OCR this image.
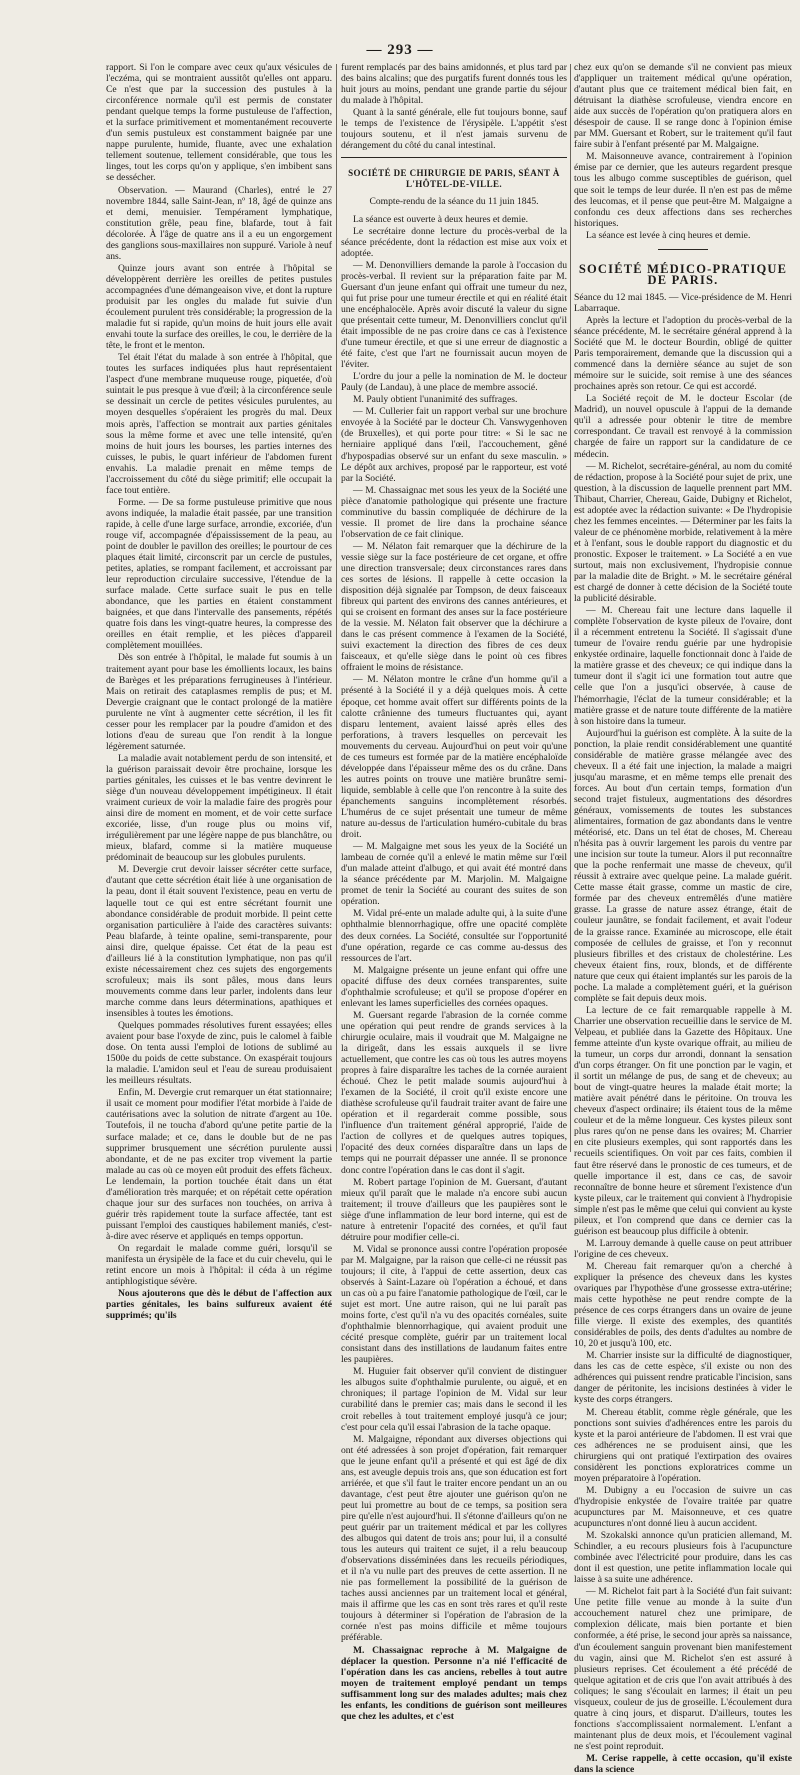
— 293 —

rapport. Si l'on le compare avec ceux qu'aux vésicules de l'eczéma, qui se montraient aussitôt qu'elles ont apparu. Ce n'est que par la succession des pustules à la circonférence normale qu'il est permis de constater pendant quelque temps la forme pustuleuse de l'affection, et la surface primitivement et momentanément recouverte d'un semis pustuleux est constamment baignée par une nappe purulente, humide, fluante, avec une exhalation tellement soutenue, tellement considérable, que tous les linges, tout les corps qu'on y applique, s'en imbibent sans se dessécher.

Observation. — Maurand (Charles), entré le 27 novembre 1844, salle Saint-Jean, nº 18, âgé de quinze ans et demi, menuisier. Tempérament lymphatique, constitution grêle, peau fine, blafarde, tout à fait décolorée. À l'âge de quatre ans il a eu un engorgement des ganglions sous-maxillaires non suppuré. Variole à neuf ans.

Quinze jours avant son entrée à l'hôpital se développèrent derrière les oreilles de petites pustules accompagnées d'une démangeaison vive, et dont la rupture produisit par les ongles du malade fut suivie d'un écoulement purulent très considérable; la progression de la maladie fut si rapide, qu'un moins de huit jours elle avait envahi toute la surface des oreilles, le cou, le derrière de la tête, le front et le menton.

Tel était l'état du malade à son entrée à l'hôpital, que toutes les surfaces indiquées plus haut représentaient l'aspect d'une membrane muqueuse rouge, piquetée, d'où suintait le pus presque à vue d'œil; à la circonférence seule se dessinait un cercle de petites vésicules purulentes, au moyen desquelles s'opéraient les progrès du mal. Deux mois après, l'affection se montrait aux parties génitales sous la même forme et avec une telle intensité, qu'en moins de huit jours les bourses, les parties internes des cuisses, le pubis, le quart inférieur de l'abdomen furent envahis. La maladie prenait en même temps de l'accroissement du côté du siège primitif; elle occupait la face tout entière.

Forme. — De sa forme pustuleuse primitive que nous avons indiquée, la maladie était passée, par une transition rapide, à celle d'une large surface, arrondie, excoriée, d'un rouge vif, accompagnée d'épaississement de la peau, au point de doubler le pavillon des oreilles; le pourtour de ces plaques était limité, circonscrit par un cercle de pustules, petites, aplaties, se rompant facilement, et accroissant par leur reproduction circulaire successive, l'étendue de la surface malade. Cette surface suait le pus en telle abondance, que les parties en étaient constamment baignées, et que dans l'intervalle des pansements, répétés quatre fois dans les vingt-quatre heures, la compresse des oreilles en était remplie, et les pièces d'appareil complètement mouillées.

Dès son entrée à l'hôpital, le malade fut soumis à un traitement ayant pour base les émollients locaux, les bains de Barèges et les préparations ferrugineuses à l'intérieur. Mais on retirait des cataplasmes remplis de pus; et M. Devergie craignant que le contact prolongé de la matière purulente ne vînt à augmenter cette sécrétion, il les fit cesser pour les remplacer par la poudre d'amidon et des lotions d'eau de sureau que l'on rendit à la longue légèrement saturnée.

La maladie avait notablement perdu de son intensité, et la guérison paraissait devoir être prochaine, lorsque les parties génitales, les cuisses et le bas ventre devinrent le siège d'un nouveau développement impétigineux. Il était vraiment curieux de voir la maladie faire des progrès pour ainsi dire de moment en moment, et de voir cette surface excoriée, lisse, d'un rouge plus ou moins vif, irrégulièrement par une légère nappe de pus blanchâtre, ou mieux, blafard, comme si la matière muqueuse prédominait de beaucoup sur les globules purulents.

M. Devergie crut devoir laisser sécréter cette surface, d'autant que cette sécrétion était liée à une organisation de la peau, dont il était souvent l'existence, peau en vertu de laquelle tout ce qui est entre sécrétant fournit une abondance considérable de produit morbide. Il peint cette organisation particulière à l'aide des caractères suivants: Peau blafarde, à teinte opaline, semi-transparente, pour ainsi dire, quelque épaisse. Cet état de la peau est d'ailleurs lié à la constitution lymphatique, non pas qu'il existe nécessairement chez ces sujets des engorgements scrofuleux; mais ils sont pâles, mous dans leurs mouvements comme dans leur parler, indolents dans leur marche comme dans leurs déterminations, apathiques et insensibles à toutes les émotions.

Quelques pommades résolutives furent essayées; elles avaient pour base l'oxyde de zinc, puis le calomel à faible dose. On tenta aussi l'emploi de lotions de sublimé au 1500e du poids de cette substance. On exaspérait toujours la maladie. L'amidon seul et l'eau de sureau produisaient les meilleurs résultats.

Enfin, M. Devergie crut remarquer un état stationnaire; il usait ce moment pour modifier l'état morbide à l'aide de cautérisations avec la solution de nitrate d'argent au 10e. Toutefois, il ne toucha d'abord qu'une petite partie de la surface malade; et ce, dans le double but de ne pas supprimer brusquement une sécrétion purulente aussi abondante, et de ne pas exciter trop vivement la partie malade au cas où ce moyen eût produit des effets fâcheux. Le lendemain, la portion touchée était dans un état d'amélioration très marquée; et on répétait cette opération chaque jour sur des surfaces non touchées, on arriva à guérir très rapidement toute la surface affectée, tant est puissant l'emploi des caustiques habilement maniés, c'est-à-dire avec réserve et appliqués en temps opportun.

On regardait le malade comme guéri, lorsqu'il se manifesta un érysipèle de la face et du cuir chevelu, qui le retint encore un mois à l'hôpital: il céda à un régime antiphlogistique sévère.

Nous ajouterons que dès le début de l'affection aux parties génitales, les bains sulfureux avaient été supprimés; qu'ils

furent remplacés par des bains amidonnés, et plus tard par des bains alcalins; que des purgatifs furent donnés tous les huit jours au moins, pendant une grande partie du séjour du malade à l'hôpital.

Quant à la santé générale, elle fut toujours bonne, sauf le temps de l'existence de l'érysipèle. L'appétit s'est toujours soutenu, et il n'est jamais survenu de dérangement du côté du canal intestinal.

SOCIÉTÉ DE CHIRURGIE DE PARIS, SÉANT À L'HÔTEL-DE-VILLE.
Compte-rendu de la séance du 11 juin 1845.

La séance est ouverte à deux heures et demie.

Le secrétaire donne lecture du procès-verbal de la séance précédente, dont la rédaction est mise aux voix et adoptée.

— M. Denonvilliers demande la parole à l'occasion du procès-verbal. Il revient sur la préparation faite par M. Guersant d'un jeune enfant qui offrait une tumeur du nez, qui fut prise pour une tumeur érectile et qui en réalité était une encéphalocèle. Après avoir discuté la valeur du signe que présentait cette tumeur, M. Denonvilliers conclut qu'il était impossible de ne pas croire dans ce cas à l'existence d'une tumeur érectile, et que si une erreur de diagnostic a été faite, c'est que l'art ne fournissait aucun moyen de l'éviter.

L'ordre du jour a pelle la nomination de M. le docteur Pauly (de Landau), à une place de membre associé.

M. Pauly obtient l'unanimité des suffrages.

— M. Cullerier fait un rapport verbal sur une brochure envoyée à la Société par le docteur Ch. Vanswygenhoven (de Bruxelles), et qui porte pour titre: « Si le sac ne herniaire appliqué dans l'œil, l'accouchement, gêné d'hypospadias observé sur un enfant du sexe masculin. » Le dépôt aux archives, proposé par le rapporteur, est voté par la Société.

— M. Chassaignac met sous les yeux de la Société une pièce d'anatomie pathologique qui présente une fracture comminutive du bassin compliquée de déchirure de la vessie. Il promet de lire dans la prochaine séance l'observation de ce fait clinique.

— M. Nélaton fait remarquer que la déchirure de la vessie siège sur la face postérieure de cet organe, et offre une direction transversale; deux circonstances rares dans ces sortes de lésions. Il rappelle à cette occasion la disposition déjà signalée par Tompson, de deux faisceaux fibreux qui partent des environs des cannes antérieures, et qui se croisent en formant des anses sur la face postérieure de la vessie. M. Nélaton fait observer que la déchirure a dans le cas présent commence à l'examen de la Société, suivi exactement la direction des fibres de ces deux faisceaux, et qu'elle siège dans le point où ces fibres offraient le moins de résistance.

— M. Nélaton montre le crâne d'un homme qu'il a présenté à la Société il y a déjà quelques mois. À cette époque, cet homme avait offert sur différents points de la calotte crânienne des tumeurs fluctuantes qui, ayant disparu lentement, avaient laissé après elles des perforations, à travers lesquelles on percevait les mouvements du cerveau. Aujourd'hui on peut voir qu'une de ces tumeurs est formée par de la matière encéphaloïde développée dans l'épaisseur même des os du crâne. Dans les autres points on trouve une matière brunâtre semi-liquide, semblable à celle que l'on rencontre à la suite des épanchements sanguins incomplètement résorbés. L'humérus de ce sujet présentait une tumeur de même nature au-dessus de l'articulation huméro-cubitale du bras droit.

— M. Malgaigne met sous les yeux de la Société un lambeau de cornée qu'il a enlevé le matin même sur l'œil d'un malade atteint d'albugo, et qui avait été montré dans la séance précédente par M. Marjolin. M. Malgaigne promet de tenir la Société au courant des suites de son opération.

M. Vidal pré-ente un malade adulte qui, à la suite d'une ophthalmie blennorrhagique, offre une opacité complète des deux cornées. La Société, consultée sur l'opportunité d'une opération, regarde ce cas comme au-dessus des ressources de l'art.

M. Malgaigne présente un jeune enfant qui offre une opacité diffuse des deux cornées transparentes, suite d'ophthalmie scrofuleuse; et qu'il se propose d'opérer en enlevant les lames superficielles des cornées opaques.

M. Guersant regarde l'abrasion de la cornée comme une opération qui peut rendre de grands services à la chirurgie oculaire, mais il voudrait que M. Malgaigne ne la dirigeât, dans les essais auxquels il se livre actuellement, que contre les cas où tous les autres moyens propres à faire disparaître les taches de la cornée auraient échoué. Chez le petit malade soumis aujourd'hui à l'examen de la Société, il croit qu'il existe encore une diathèse scrofuleuse qu'il faudrait traiter avant de faire une opération et il regarderait comme possible, sous l'influence d'un traitement général approprié, l'aide de l'action de collyres et de quelques autres topiques, l'opacité des deux cornées disparaître dans un laps de temps qui ne pourrait dépasser une année. Il se prononce donc contre l'opération dans le cas dont il s'agit.

M. Robert partage l'opinion de M. Guersant, d'autant mieux qu'il paraît que le malade n'a encore subi aucun traitement; il trouve d'ailleurs que les paupières sont le siège d'une inflammation de leur bord interne, qui est de nature à entretenir l'opacité des cornées, et qu'il faut détruire pour modifier celle-ci.

M. Vidal se prononce aussi contre l'opération proposée par M. Malgaigne, par la raison que celle-ci ne réussit pas toujours; il cite, à l'appui de cette assertion, deux cas observés à Saint-Lazare où l'opération a échoué, et dans un cas où a pu faire l'anatomie pathologique de l'œil, car le sujet est mort. Une autre raison, qui ne lui paraît pas moins forte, c'est qu'il n'a vu des opacités cornéales, suite d'ophthalmie blennorrhagique, qui avaient produit une cécité presque complète, guérir par un traitement local consistant dans des instillations de laudanum faites entre les paupières.

M. Huguier fait observer qu'il convient de distinguer les albugos suite d'ophthalmie purulente, ou aiguë, et en chroniques; il partage l'opinion de M. Vidal sur leur curabilité dans le premier cas; mais dans le second il les croit rebelles à tout traitement employé jusqu'à ce jour; c'est pour cela qu'il essai l'abrasion de la tache opaque.

M. Malgaigne, répondant aux diverses objections qui ont été adressées à son projet d'opération, fait remarquer que le jeune enfant qu'il a présenté et qui est âgé de dix ans, est aveugle depuis trois ans, que son éducation est fort arriérée, et que s'il faut le traiter encore pendant un an ou davantage, c'est peut être ajouter une guérison qu'on ne peut lui promettre au bout de ce temps, sa position sera pire qu'elle n'est aujourd'hui. Il s'étonne d'ailleurs qu'on ne peut guérir par un traitement médical et par les collyres des albugos qui datent de trois ans; pour lui, il a consulté tous les auteurs qui traitent ce sujet, il a relu beaucoup d'observations disséminées dans les recueils périodiques, et il n'a vu nulle part des preuves de cette assertion. Il ne nie pas formellement la possibilité de la guérison de taches aussi anciennes par un traitement local et général, mais il affirme que les cas en sont très rares et qu'il reste toujours à déterminer si l'opération de l'abrasion de la cornée n'est pas moins difficile et même toujours préférable.

M. Chassaignac reproche à M. Malgaigne de déplacer la question. Personne n'a nié l'efficacité de l'opération dans les cas anciens, rebelles à tout autre moyen de traitement employé pendant un temps suffisamment long sur des malades adultes; mais chez les enfants, les conditions de guérison sont meilleures que chez les adultes, et c'est

chez eux qu'on se demande s'il ne convient pas mieux d'appliquer un traitement médical qu'une opération, d'autant plus que ce traitement médical bien fait, en détruisant la diathèse scrofuleuse, viendra encore en aide aux succès de l'opération qu'on pratiquera alors en désespoir de cause. Il se range donc à l'opinion émise par MM. Guersant et Robert, sur le traitement qu'il faut faire subir à l'enfant présenté par M. Malgaigne.

M. Maisonneuve avance, contrairement à l'opinion émise par ce dernier, que les auteurs regardent presque tous les albugo comme susceptibles de guérison, quel que soit le temps de leur durée. Il n'en est pas de même des leucomas, et il pense que peut-être M. Malgaigne a confondu ces deux affections dans ses recherches historiques.

La séance est levée à cinq heures et demie.

SOCIÉTÉ MÉDICO-PRATIQUE DE PARIS.

Séance du 12 mai 1845. — Vice-présidence de M. Henri Labarraque.

Après la lecture et l'adoption du procès-verbal de la séance précédente, M. le secrétaire général apprend à la Société que M. le docteur Bourdin, obligé de quitter Paris temporairement, demande que la discussion qui a commencé dans la dernière séance au sujet de son mémoire sur le suicide, soit remise à une des séances prochaines après son retour. Ce qui est accordé.

La Société reçoit de M. le docteur Escolar (de Madrid), un nouvel opuscule à l'appui de la demande qu'il a adressée pour obtenir le titre de membre correspondant. Ce travail est renvoyé à la commission chargée de faire un rapport sur la candidature de ce médecin.

— M. Richelot, secrétaire-général, au nom du comité de rédaction, propose à la Société pour sujet de prix, une question, à la discussion de laquelle prennent part MM. Thibaut, Charrier, Chereau, Gaide, Dubigny et Richelot, est adoptée avec la rédaction suivante: « De l'hydropisie chez les femmes enceintes. — Déterminer par les faits la valeur de ce phénomène morbide, relativement à la mère et à l'enfant, sous le double rapport du diagnostic et du pronostic. Exposer le traitement. » La Société a en vue surtout, mais non exclusivement, l'hydropisie connue par la maladie dite de Bright. » M. le secrétaire général est chargé de donner à cette décision de la Société toute la publicité désirable.

— M. Chereau fait une lecture dans laquelle il complète l'observation de kyste pileux de l'ovaire, dont il a récemment entretenu la Société. Il s'agissait d'une tumeur de l'ovaire rendu guérie par une hydropisie enkystée ordinaire, laquelle fonctionnait donc à l'aide de la matière grasse et des cheveux; ce qui indique dans la tumeur dont il s'agit ici une formation tout autre que celle que l'on a jusqu'ici observée, à cause de l'hémorrhagie, l'éclat de la tumeur considérable; et la matière grasse et de nature toute différente de la matière à son histoire dans la tumeur.

Aujourd'hui la guérison est complète. À la suite de la ponction, la plaie rendit considérablement une quantité considérable de matière grasse mélangée avec des cheveux. Il a été fait une injection, la malade a maigri jusqu'au marasme, et en même temps elle prenait des forces. Au bout d'un certain temps, formation d'un second trajet fistuleux, augmentations des désordres généraux, vomissements de toutes les substances alimentaires, formation de gaz abondants dans le ventre météorisé, etc. Dans un tel état de choses, M. Chereau n'hésita pas à ouvrir largement les parois du ventre par une incision sur toute la tumeur. Alors il put reconnaître que la poche renfermait une masse de cheveux, qu'il réussit à extraire avec quelque peine. La malade guérit. Cette masse était grasse, comme un mastic de cire, formée par des cheveux entremêlés d'une matière grasse. La grasse de nature assez étrange, était de couleur jaunâtre, se fondait facilement, et avait l'odeur de la graisse rance. Examinée au microscope, elle était composée de cellules de graisse, et l'on y reconnut plusieurs fibrilles et des cristaux de cholestérine. Les cheveux étaient fins, roux, blonds, et de différente nature que ceux qui étaient implantés sur les parois de la poche. La malade a complètement guéri, et la guérison complète se fait depuis deux mois.

La lecture de ce fait remarquable rappelle à M. Charrier une observation recueillie dans le service de M. Velpeau, et publiée dans la Gazette des Hôpitaux. Une femme atteinte d'un kyste ovarique offrait, au milieu de la tumeur, un corps dur arrondi, donnant la sensation d'un corps étranger. On fit une ponction par le vagin, et il sortit un mélange de pus, de sang et de cheveux; au bout de vingt-quatre heures la malade était morte; la matière avait pénétré dans le péritoine. On trouva les cheveux d'aspect ordinaire; ils étaient tous de la même couleur et de la même longueur. Ces kystes pileux sont plus rares qu'on ne pense dans les ovaires; M. Charrier en cite plusieurs exemples, qui sont rapportés dans les recueils scientifiques. On voit par ces faits, combien il faut être réservé dans le pronostic de ces tumeurs, et de quelle importance il est, dans ce cas, de savoir reconnaître de bonne heure et sûrement l'existence d'un kyste pileux, car le traitement qui convient à l'hydropisie simple n'est pas le même que celui qui convient au kyste pileux, et l'on comprend que dans ce dernier cas la guérison est beaucoup plus difficile à obtenir.

M. Larrouy demande à quelle cause on peut attribuer l'origine de ces cheveux.

M. Chereau fait remarquer qu'on a cherché à expliquer la présence des cheveux dans les kystes ovariques par l'hypothèse d'une grossesse extra-utérine; mais cette hypothèse ne peut rendre compte de la présence de ces corps étrangers dans un ovaire de jeune fille vierge. Il existe des exemples, des quantités considérables de poils, des dents d'adultes au nombre de 10, 20 et jusqu'à 100, etc.

M. Charrier insiste sur la difficulté de diagnostiquer, dans les cas de cette espèce, s'il existe ou non des adhérences qui puissent rendre praticable l'incision, sans danger de péritonite, les incisions destinées à vider le kyste des corps étrangers.

M. Chereau établit, comme règle générale, que les ponctions sont suivies d'adhérences entre les parois du kyste et la paroi antérieure de l'abdomen. Il est vrai que ces adhérences ne se produisent ainsi, que les chirurgiens qui ont pratiqué l'extirpation des ovaires considèrent les ponctions exploratrices comme un moyen préparatoire à l'opération.

M. Dubigny a eu l'occasion de suivre un cas d'hydropisie enkystée de l'ovaire traitée par quatre acupunctures par M. Maisonneuve, et ces quatre acupunctures n'ont donné lieu à aucun accident.

M. Szokalski annonce qu'un praticien allemand, M. Schindler, a eu recours plusieurs fois à l'acupuncture combinée avec l'électricité pour produire, dans les cas dont il est question, une petite inflammation locale qui laisse à sa suite une adhérence.

— M. Richelot fait part à la Société d'un fait suivant: Une petite fille venue au monde à la suite d'un accouchement naturel chez une primipare, de complexion délicate, mais bien portante et bien conformée, a été prise, le second jour après sa naissance, d'un écoulement sanguin provenant bien manifestement du vagin, ainsi que M. Richelot s'en est assuré à plusieurs reprises. Cet écoulement a été précédé de quelque agitation et de cris que l'on avait attribués à des coliques; le sang s'écoulait en larmes; il était un peu visqueux, couleur de jus de groseille. L'écoulement dura quatre à cinq jours, et disparut. D'ailleurs, toutes les fonctions s'accomplissaient normalement. L'enfant a maintenant plus de deux mois, et l'écoulement vaginal ne s'est point reproduit.

M. Cerise rappelle, à cette occasion, qu'il existe dans la science
